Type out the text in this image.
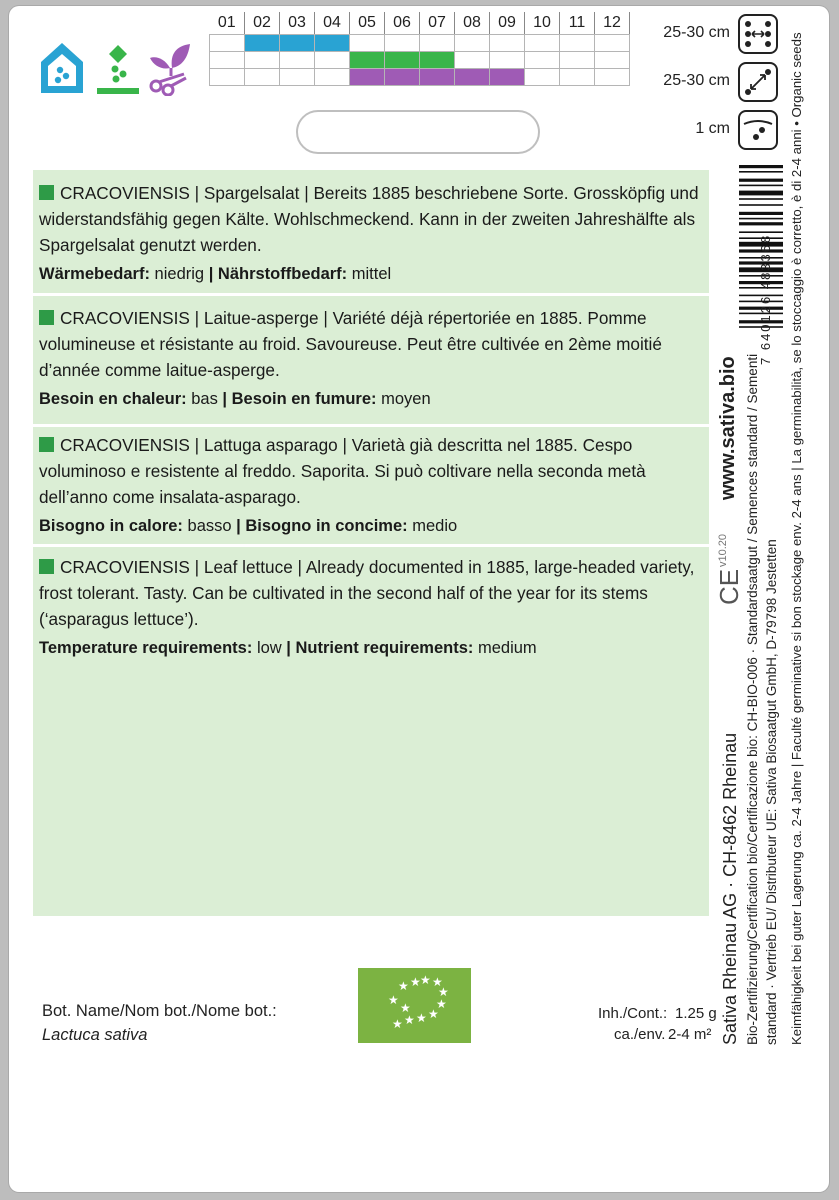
01	02	03	04	05	06	07	08	09	10	11	12

25-30 cm
25-30 cm
1 cm

CRACOVIENSIS | Spargelsalat | Bereits 1885 beschriebene Sorte. Grossköpfig und widerstandsfähig gegen Kälte. Wohlschmeckend. Kann in der zweiten Jahreshälfte als Spargelsalat genutzt werden.

Wärmebedarf: niedrig | Nährstoffbedarf: mittel

CRACOVIENSIS | Laitue-asperge | Variété déjà répertoriée en 1885. Pomme volumineuse et résistante au froid. Savoureuse. Peut être cultivée en 2ème moitié d’année comme laitue-asperge.

Besoin en chaleur: bas | Besoin en fumure: moyen

CRACOVIENSIS | Lattuga asparago | Varietà già descritta nel 1885. Cespo voluminoso e resistente al freddo. Saporita. Si può coltivare nella seconda metà dell’anno come insalata-asparago.

Bisogno in calore: basso | Bisogno in concime: medio

CRACOVIENSIS | Leaf lettuce | Already documented in 1885, large-headed variety, frost tolerant. Tasty. Can be cultivated in the second half of the year for its stems (‘asparagus lettuce’).

Temperature requirements: low | Nutrient requirements: medium

★ ★ ★ ★
★
★
★
★ ★ ★
★
★
Bot. Name/Nom bot./Nome bot.:
Lactuca sativa
Inh./Cont.: 1.25 g
ca./env. 2-4 m² Sativa Rheinau AG · CH-8462 Rheinau Bio-Zertifizierung/Certification bio/Certificazione bio: CH-BIO-006 · Standardsaatgut / Semences standard / Sementi standard · Vertrieb EU/ Distributeur UE: Sativa Biosaatgut GmbH, D-79798 Jestetten Keimfähigkeit bei guter Lagerung ca. 2-4 Jahre | Faculté germinative si bon stockage env. 2-4 ans | La germinabilità, se lo stoccaggio è corretto, è di 2-4 anni • Organic seeds
www.sativa.bio
v10.20
CE
7 640126 483368
